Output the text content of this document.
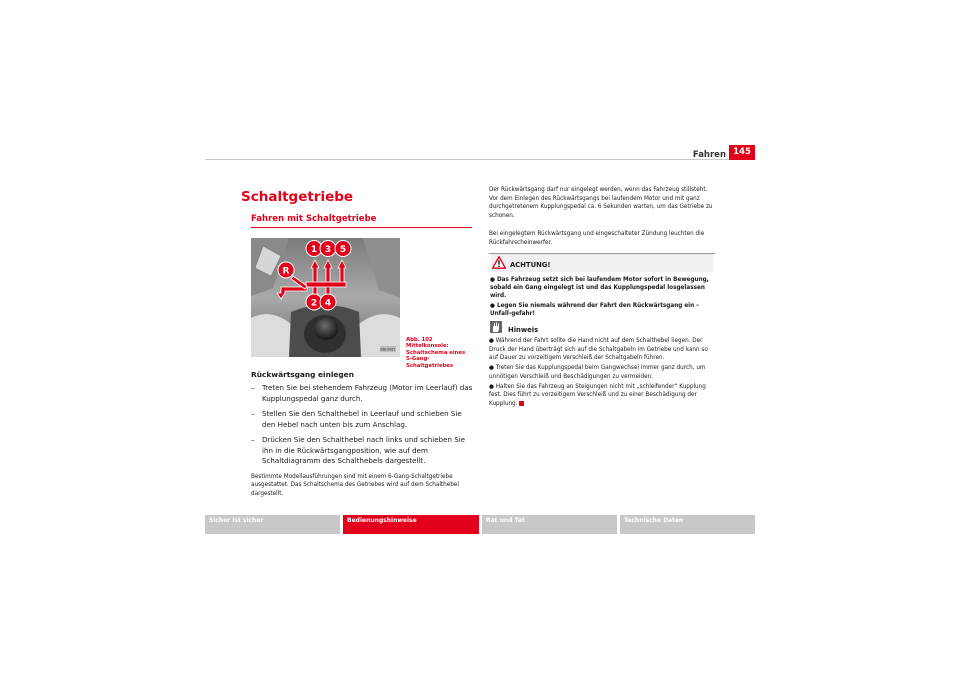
Fahren 145
Schaltgetriebe
Fahren mit Schaltgetriebe
B6J-0061
1 3 5
R
2 4
Abb. 102 Mittelkonsole: Schaltschema eines 5-Gang-Schaltgetriebes
Rückwärtsgang einlegen
– Treten Sie bei stehendem Fahrzeug (Motor im Leerlauf) das Kupplungspedal ganz durch.
– Stellen Sie den Schalthebel in Leerlauf und schieben Sie den Hebel nach unten bis zum Anschlag.
– Drücken Sie den Schalthebel nach links und schieben Sie ihn in die Rückwärtsgangposition, wie auf dem Schaltdiagramm des Schalthebels dargestellt.

Bestimmte Modellausführungen sind mit einem 6-Gang-Schaltgetriebe ausgestattet. Das Schaltschema des Getriebes wird auf dem Schalthebel dargestellt.

Der Rückwärtsgang darf nur eingelegt werden, wenn das Fahrzeug stillsteht. Vor dem Einlegen des Rückwärtsgangs bei laufendem Motor und mit ganz durchgetretenem Kupplungspedal ca. 6 Sekunden warten, um das Getriebe zu schonen.

Bei eingelegtem Rückwärtsgang und eingeschalteter Zündung leuchten die Rückfahrscheinwerfer.

ACHTUNG!
● Das Fahrzeug setzt sich bei laufendem Motor sofort in Bewegung, sobald ein Gang eingelegt ist und das Kupplungspedal losgelassen wird.
● Legen Sie niemals während der Fahrt den Rückwärtsgang ein – Unfall-gefahr!
Hinweis
● Während der Fahrt sollte die Hand nicht auf dem Schalthebel liegen. Der Druck der Hand überträgt sich auf die Schaltgabeln im Getriebe und kann so auf Dauer zu vorzeitigem Verschleiß der Schaltgabeln führen.
● Treten Sie das Kupplungspedal beim Gangwechsel immer ganz durch, um unnötigen Verschleiß und Beschädigungen zu vermeiden.
● Halten Sie das Fahrzeug an Steigungen nicht mit „schleifender“ Kupplung fest. Dies führt zu vorzeitigem Verschleiß und zu einer Beschädigung der Kupplung.
Sicher ist sicher	Bedienungshinweise	Rat und Tat	Technische Daten
